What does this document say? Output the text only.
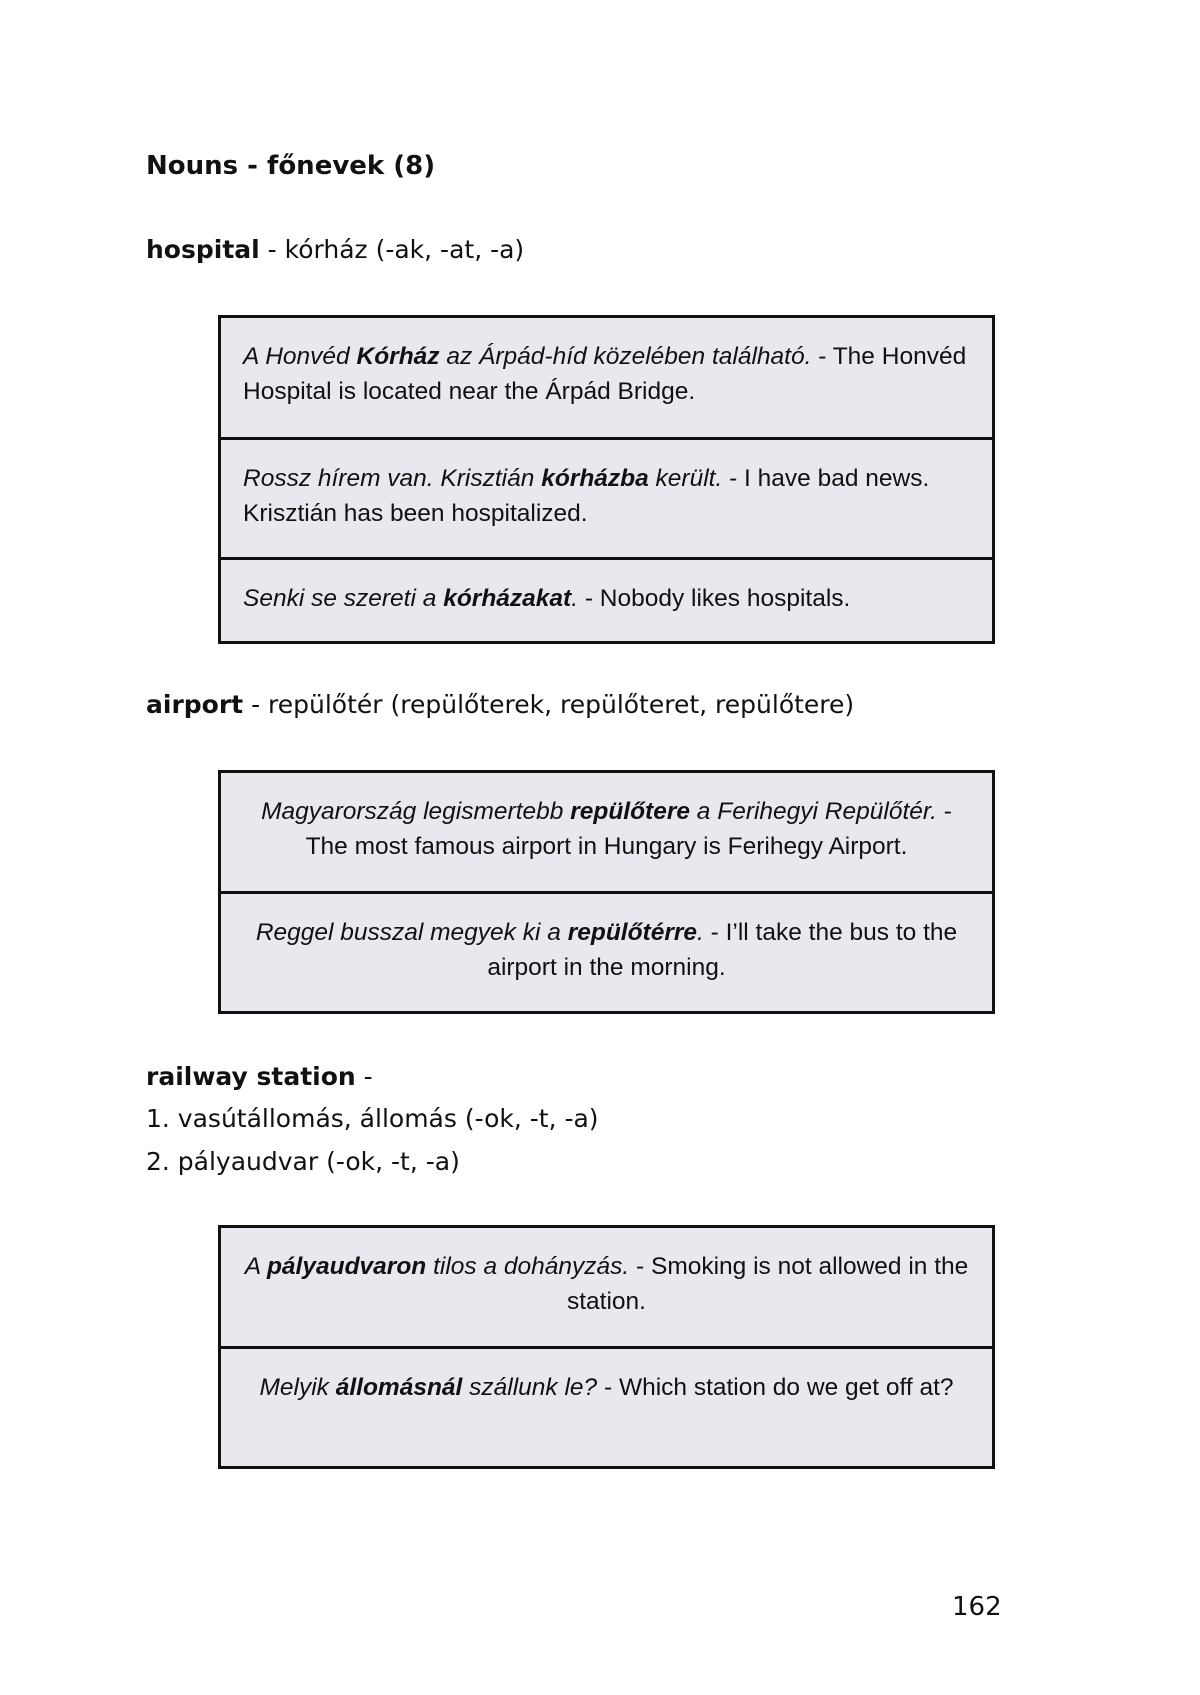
Nouns - főnevek (8)
hospital - kórház (-ak, -at, -a)
A Honvéd Kórház az Árpád-híd közelében található. - The Honvéd Hospital is located near the Árpád Bridge.
Rossz hírem van. Krisztián kórházba került. - I have bad news. Krisztián has been hospitalized.
Senki se szereti a kórházakat. - Nobody likes hospitals.
airport - repülőtér (repülőterek, repülőteret, repülőtere)
Magyarország legismertebb repülőtere a Ferihegyi Repülőtér. - The most famous airport in Hungary is Ferihegy Airport.
Reggel busszal megyek ki a repülőtérre. - I’ll take the bus to the airport in the morning.
railway station -
1. vasútállomás, állomás (-ok, -t, -a)
2. pályaudvar (-ok, -t, -a)
A pályaudvaron tilos a dohányzás. - Smoking is not allowed in the station.
Melyik állomásnál szállunk le? - Which station do we get off at?
162
